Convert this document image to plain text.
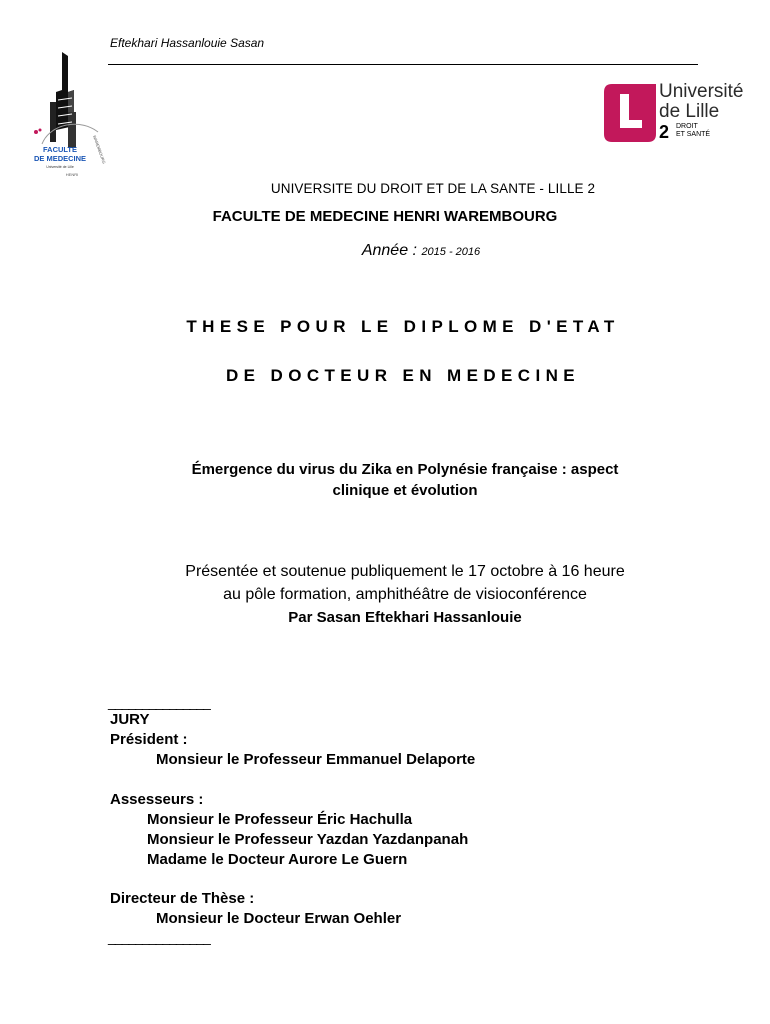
Eftekhari Hassanlouie Sasan
FACULTE
DE MEDECINE
Université de Lille
HENRI
WAREMBOURG
Université
de Lille
2 DROIT
ET SANTÉ
UNIVERSITE DU DROIT ET DE LA SANTE - LILLE 2
FACULTE DE MEDECINE HENRI WAREMBOURG
Année : 2015 - 2016
THESE POUR LE DIPLOME D'ETAT
DE DOCTEUR EN MEDECINE
Émergence du virus du Zika en Polynésie française : aspect
clinique et évolution
Présentée et soutenue publiquement le 17 octobre à 16 heure
au pôle formation, amphithéâtre de visioconférence
Par Sasan Eftekhari Hassanlouie
_______________
JURY
Président :
Monsieur le Professeur Emmanuel Delaporte
Assesseurs :
Monsieur le Professeur Éric Hachulla
Monsieur le Professeur Yazdan Yazdanpanah
Madame le Docteur Aurore Le Guern
Directeur de Thèse :
Monsieur le Docteur Erwan Oehler
_______________
